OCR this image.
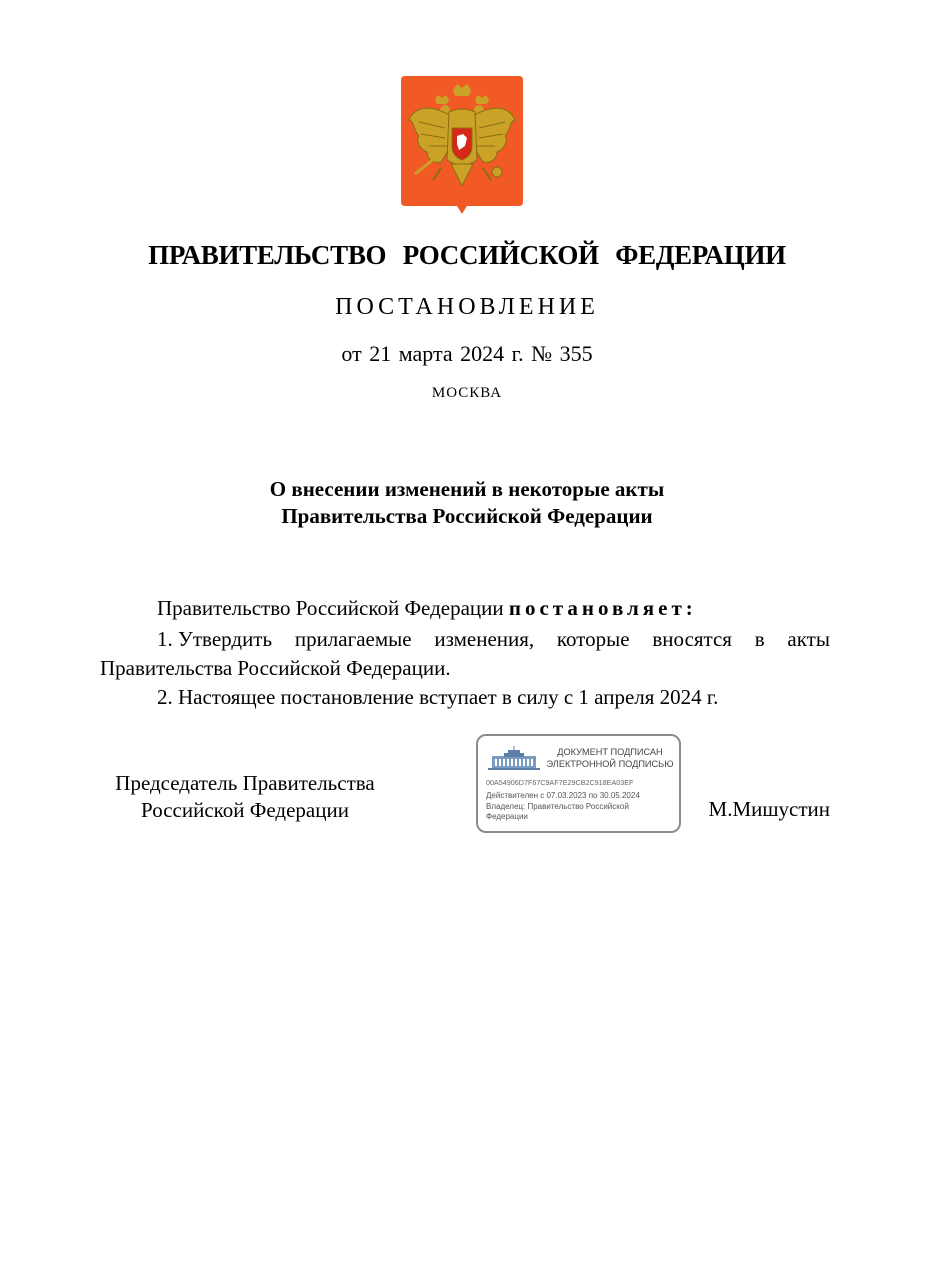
ПРАВИТЕЛЬСТВО РОССИЙСКОЙ ФЕДЕРАЦИИ
ПОСТАНОВЛЕНИЕ
от 21 марта 2024 г. № 355
МОСКВА
О внесении изменений в некоторые акты
Правительства Российской Федерации
Правительство Российской Федерации постановляет:
1. Утвердить прилагаемые изменения, которые вносятся в акты
Правительства Российской Федерации.
2. Настоящее постановление вступает в силу с 1 апреля 2024 г.
Председатель Правительства
Российской Федерации
ДОКУМЕНТ ПОДПИСАН
ЭЛЕКТРОННОЙ ПОДПИСЬЮ
00A54906D7F67C9AF7E29CB2C918EA03EF
Действителен с 07.03.2023 по 30.05.2024
Владелец: Правительство Российской Федерации	М.Мишустин
